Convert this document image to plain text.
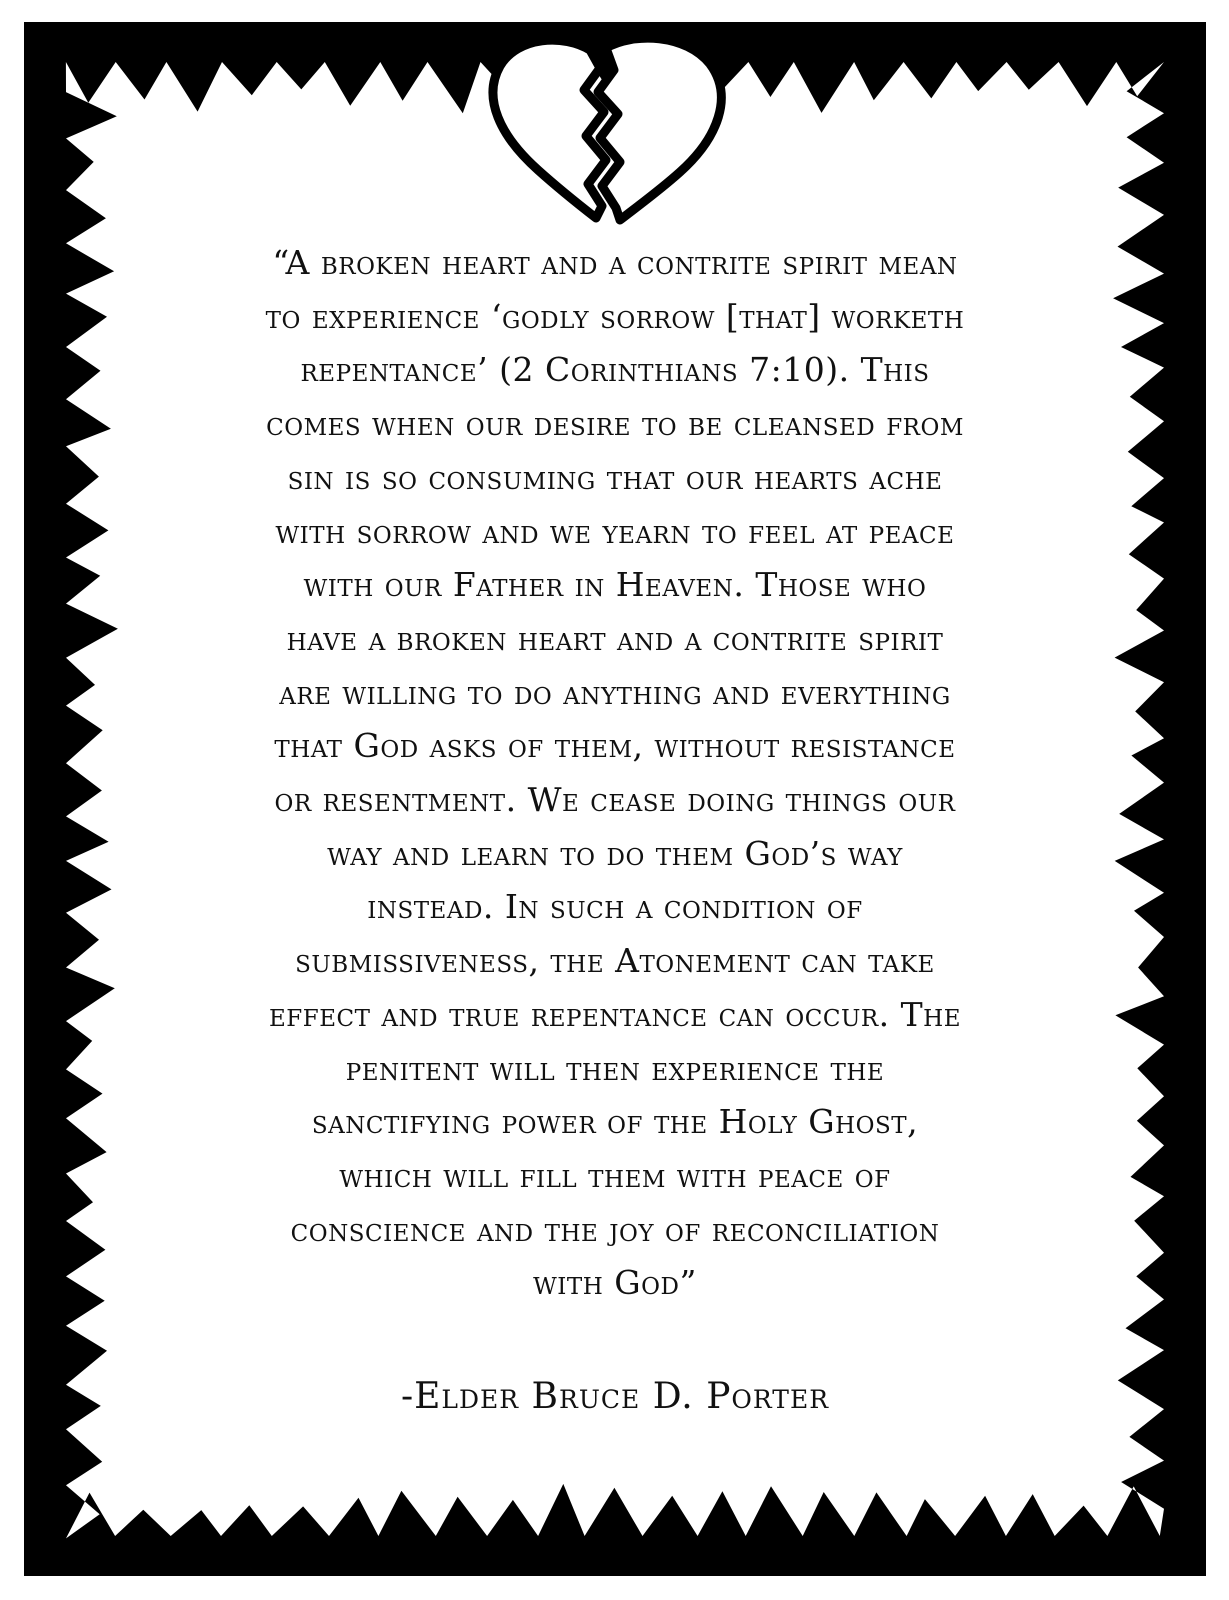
“A broken heart and a contrite spirit mean
to experience ‘godly sorrow [that] worketh
repentance’ (2 Corinthians 7:10). This
comes when our desire to be cleansed from
sin is so consuming that our hearts ache
with sorrow and we yearn to feel at peace
with our Father in Heaven. Those who
have a broken heart and a contrite spirit
are willing to do anything and everything
that God asks of them, without resistance
or resentment. We cease doing things our
way and learn to do them God’s way
instead. In such a condition of
submissiveness, the Atonement can take
effect and true repentance can occur. The
penitent will then experience the
sanctifying power of the Holy Ghost,
which will fill them with peace of
conscience and the joy of reconciliation
with God”

-Elder Bruce D. Porter
